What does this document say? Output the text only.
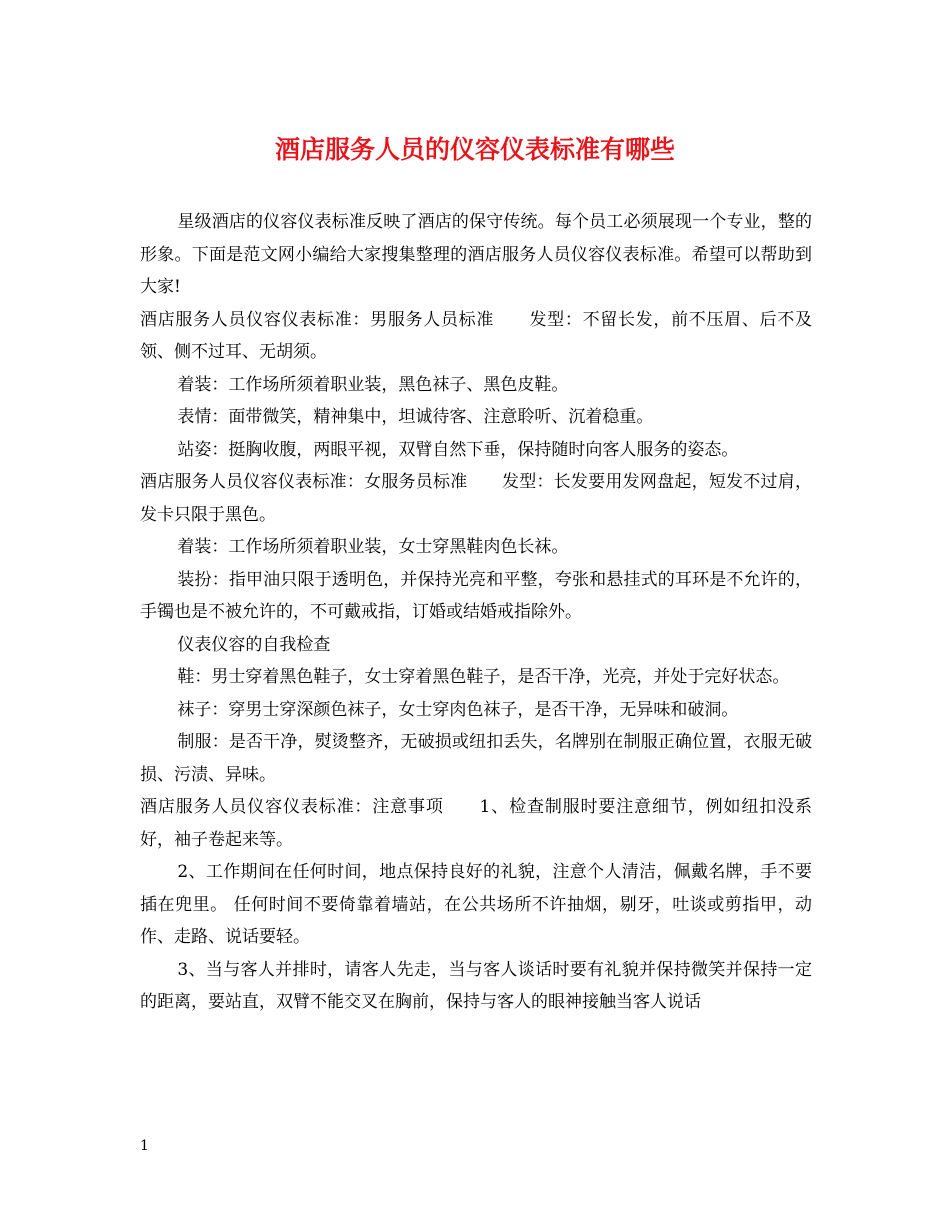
酒店服务人员的仪容仪表标准有哪些

星级酒店的仪容仪表标准反映了酒店的保守传统。每个员工必须展现一个专业，整的形象。下面是范文网小编给大家搜集整理的酒店服务人员仪容仪表标准。希望可以帮助到大家!

酒店服务人员仪容仪表标准：男服务人员标准　　发型：不留长发，前不压眉、后不及领、侧不过耳、无胡须。

着装：工作场所须着职业装，黑色袜子、黑色皮鞋。

表情：面带微笑，精神集中，坦诚待客、注意聆听、沉着稳重。

站姿：挺胸收腹，两眼平视，双臂自然下垂，保持随时向客人服务的姿态。

酒店服务人员仪容仪表标准：女服务员标准　　发型：长发要用发网盘起，短发不过肩，发卡只限于黑色。

着装：工作场所须着职业装，女士穿黑鞋肉色长袜。

装扮：指甲油只限于透明色，并保持光亮和平整，夸张和悬挂式的耳环是不允许的，手镯也是不被允许的，不可戴戒指，订婚或结婚戒指除外。

仪表仪容的自我检查

鞋：男士穿着黑色鞋子，女士穿着黑色鞋子，是否干净，光亮，并处于完好状态。

袜子：穿男士穿深颜色袜子，女士穿肉色袜子，是否干净，无异味和破洞。

制服：是否干净，熨烫整齐，无破损或纽扣丢失，名牌别在制服正确位置，衣服无破损、污渍、异味。

酒店服务人员仪容仪表标准：注意事项　　1、检查制服时要注意细节，例如纽扣没系好，袖子卷起来等。

2、工作期间在任何时间，地点保持良好的礼貌，注意个人清洁，佩戴名牌，手不要插在兜里。 任何时间不要倚靠着墙站，在公共场所不许抽烟，剔牙，吐谈或剪指甲，动作、走路、说话要轻。

3、当与客人并排时，请客人先走，当与客人谈话时要有礼貌并保持微笑并保持一定的距离，要站直，双臂不能交叉在胸前，保持与客人的眼神接触当客人说话

1
